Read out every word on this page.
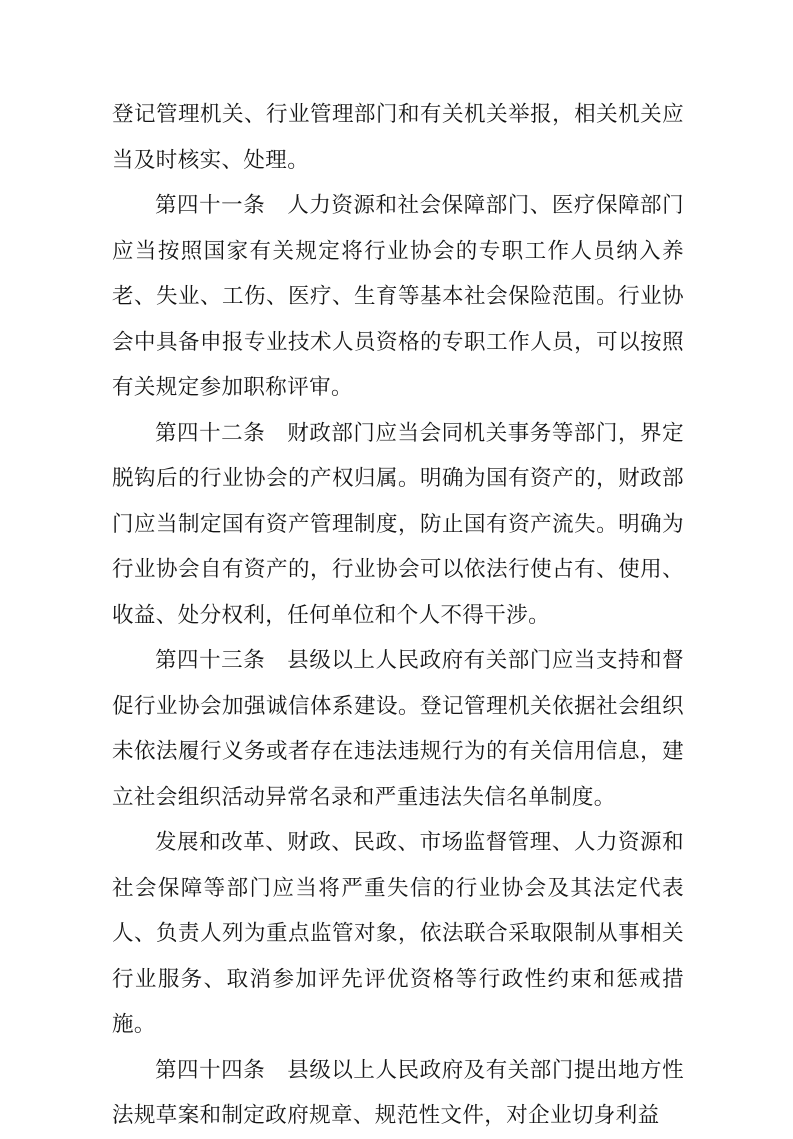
登记管理机关、行业管理部门和有关机关举报，相关机关应当及时核实、处理。

第四十一条　人力资源和社会保障部门、医疗保障部门应当按照国家有关规定将行业协会的专职工作人员纳入养老、失业、工伤、医疗、生育等基本社会保险范围。行业协会中具备申报专业技术人员资格的专职工作人员，可以按照有关规定参加职称评审。

第四十二条　财政部门应当会同机关事务等部门，界定脱钩后的行业协会的产权归属。明确为国有资产的，财政部门应当制定国有资产管理制度，防止国有资产流失。明确为行业协会自有资产的，行业协会可以依法行使占有、使用、收益、处分权利，任何单位和个人不得干涉。

第四十三条　县级以上人民政府有关部门应当支持和督促行业协会加强诚信体系建设。登记管理机关依据社会组织未依法履行义务或者存在违法违规行为的有关信用信息，建立社会组织活动异常名录和严重违法失信名单制度。

发展和改革、财政、民政、市场监督管理、人力资源和社会保障等部门应当将严重失信的行业协会及其法定代表人、负责人列为重点监管对象，依法联合采取限制从事相关行业服务、取消参加评先评优资格等行政性约束和惩戒措施。

第四十四条　县级以上人民政府及有关部门提出地方性法规草案和制定政府规章、规范性文件，对企业切身利益
